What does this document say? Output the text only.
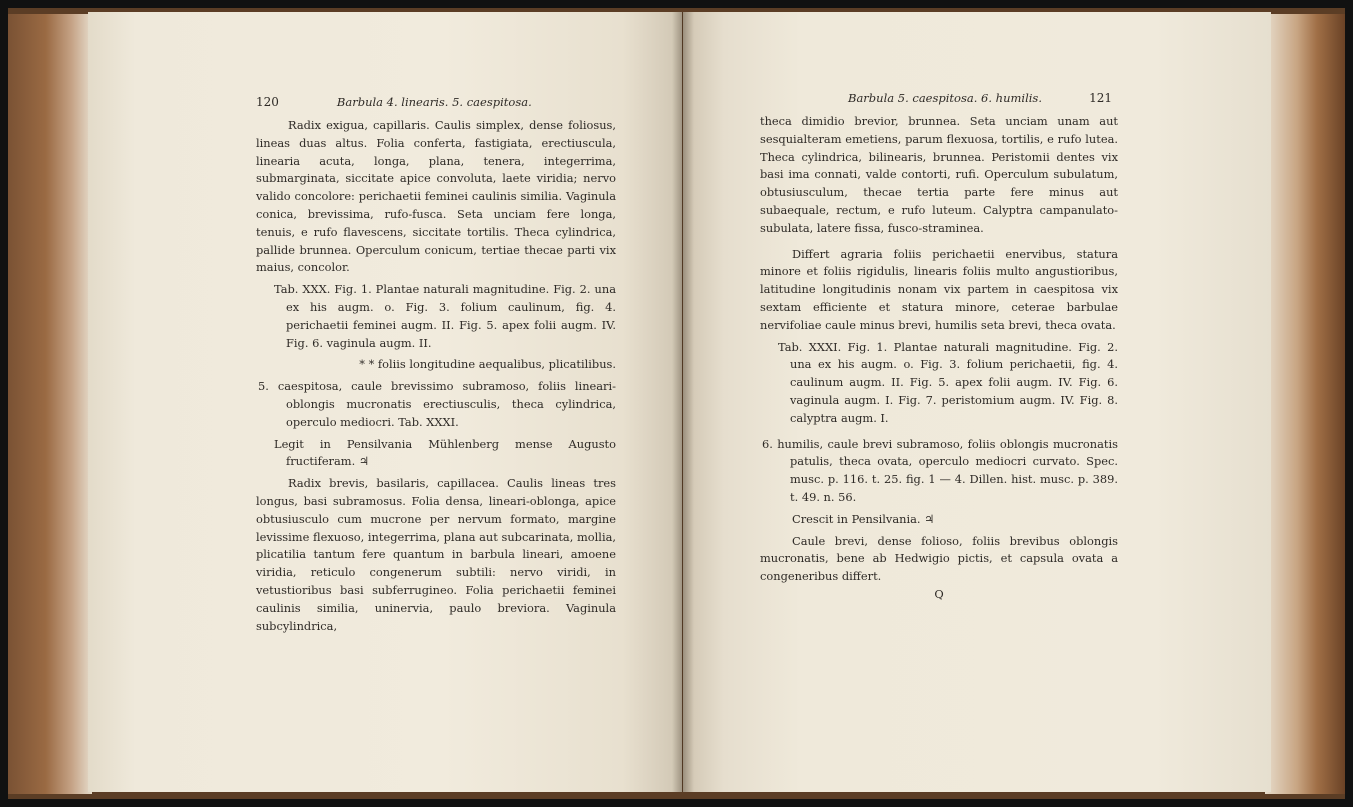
120	Barbula 4. linearis. 5. caespitosa.

Radix exigua, capillaris. Caulis simplex, dense foliosus, lineas duas altus. Folia conferta, fastigiata, erectiuscula, linearia acuta, longa, plana, tenera, integerrima, submarginata, siccitate apice convoluta, laete viridia; nervo valido concolore: perichaetii feminei caulinis similia. Vaginula conica, brevissima, rufo-fusca. Seta unciam fere longa, tenuis, e rufo flavescens, siccitate tortilis. Theca cylindrica, pallide brunnea. Operculum conicum, tertiae thecae parti vix maius, concolor.

Tab. XXX. Fig. 1. Plantae naturali magnitudine. Fig. 2. una ex his augm. o. Fig. 3. folium caulinum, fig. 4. perichaetii feminei augm. II. Fig. 5. apex folii augm. IV. Fig. 6. vaginula augm. II.

* * foliis longitudine aequalibus, plicatilibus.

5. caespitosa, caule brevissimo subramoso, foliis lineari-oblongis mucronatis erectiusculis, theca cylindrica, operculo mediocri. Tab. XXXI.

Legit in Pensilvania Mühlenberg mense Augusto fructiferam. ♃

Radix brevis, basilaris, capillacea. Caulis lineas tres longus, basi subramosus. Folia densa, lineari-oblonga, apice obtusiusculo cum mucrone per nervum formato, margine levissime flexuoso, integerrima, plana aut subcarinata, mollia, plicatilia tantum fere quantum in barbula lineari, amoene viridia, reticulo congenerum subtili: nervo viridi, in vetustioribus basi subferrugineo. Folia perichaetii feminei caulinis similia, uninervia, paulo breviora. Vaginula subcylindrica,

Barbula 5. caespitosa. 6. humilis.	121

theca dimidio brevior, brunnea. Seta unciam unam aut sesquialteram emetiens, parum flexuosa, tortilis, e rufo lutea. Theca cylindrica, bilinearis, brunnea. Peristomii dentes vix basi ima connati, valde contorti, rufi. Operculum subulatum, obtusiusculum, thecae tertia parte fere minus aut subaequale, rectum, e rufo luteum. Calyptra campanulato-subulata, latere fissa, fusco-straminea.

Differt agraria foliis perichaetii enervibus, statura minore et foliis rigidulis, linearis foliis multo angustioribus, latitudine longitudinis nonam vix partem in caespitosa vix sextam efficiente et statura minore, ceterae barbulae nervifoliae caule minus brevi, humilis seta brevi, theca ovata.

Tab. XXXI. Fig. 1. Plantae naturali magnitudine. Fig. 2. una ex his augm. o. Fig. 3. folium perichaetii, fig. 4. caulinum augm. II. Fig. 5. apex folii augm. IV. Fig. 6. vaginula augm. I. Fig. 7. peristomium augm. IV. Fig. 8. calyptra augm. I.

6. humilis, caule brevi subramoso, foliis oblongis mucronatis patulis, theca ovata, operculo mediocri curvato. Spec. musc. p. 116. t. 25. fig. 1 — 4. Dillen. hist. musc. p. 389. t. 49. n. 56.

Crescit in Pensilvania. ♃

Caule brevi, dense folioso, foliis brevibus oblongis mucronatis, bene ab Hedwigio pictis, et capsula ovata a congeneribus differt.

Q
